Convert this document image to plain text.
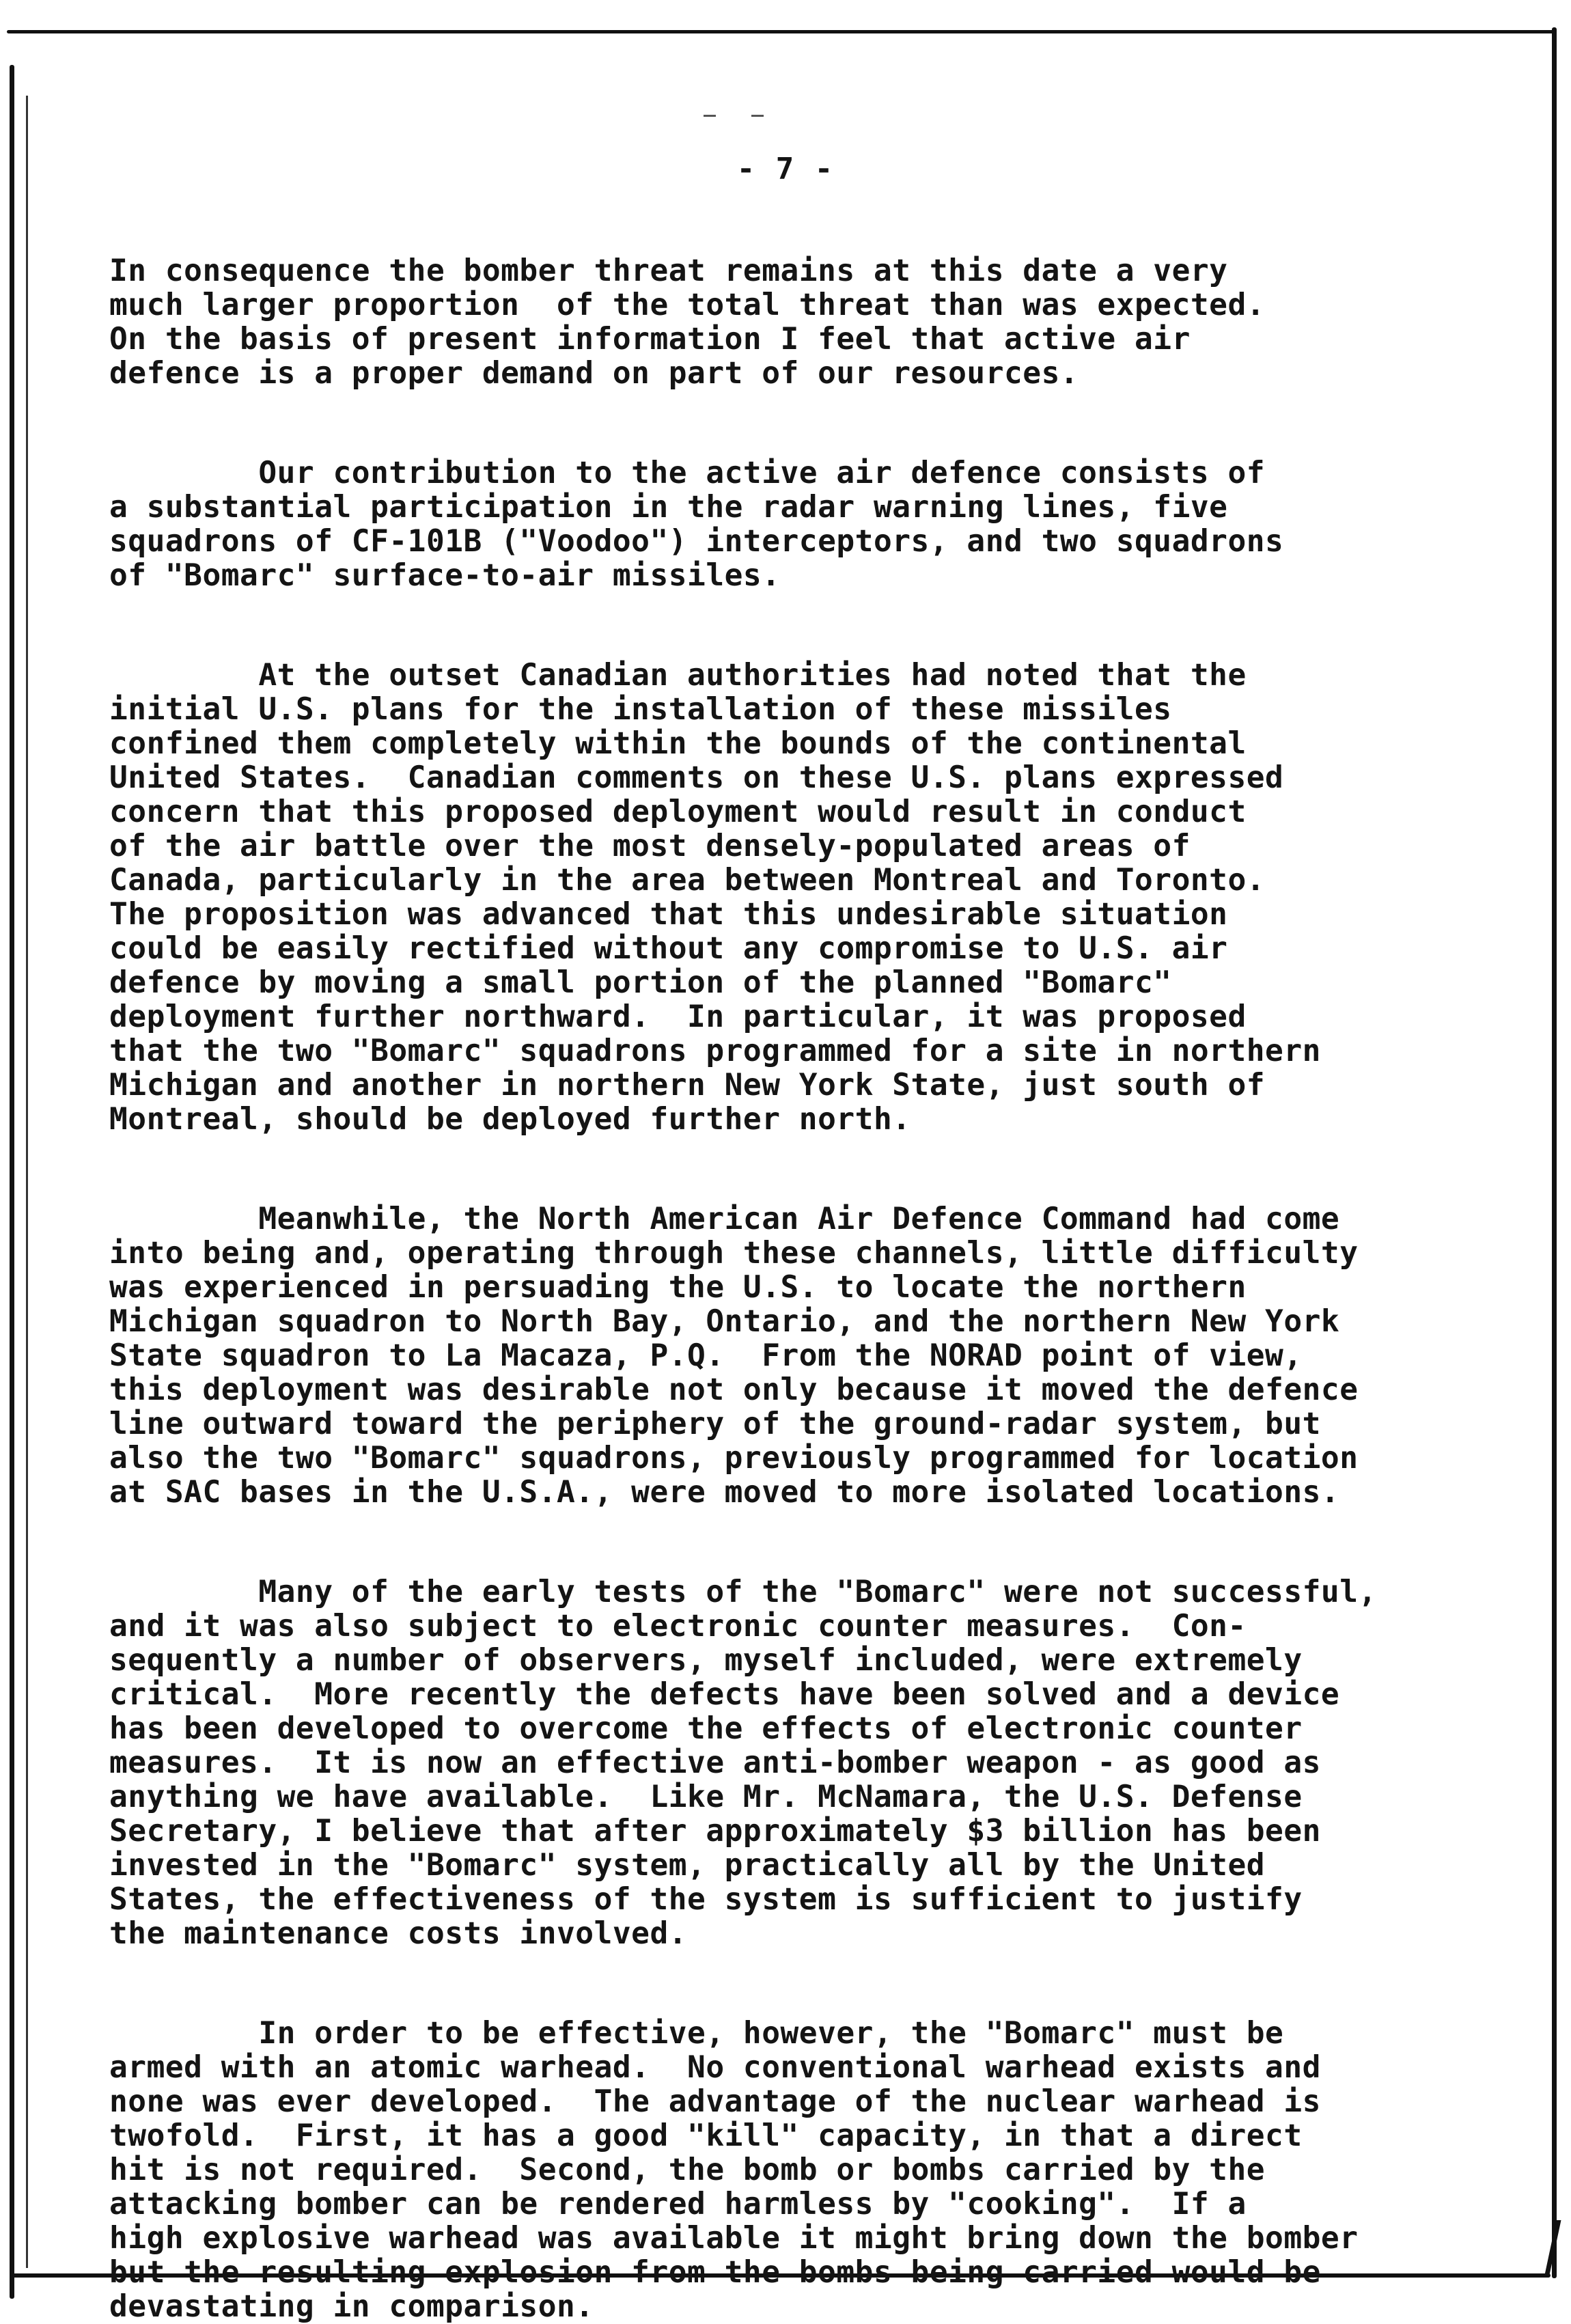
- 7 -

In consequence the bomber threat remains at this date a very
much larger proportion  of the total threat than was expected.
On the basis of present information I feel that active air
defence is a proper demand on part of our resources.

Our contribution to the active air defence consists of
a substantial participation in the radar warning lines, five
squadrons of CF-101B ("Voodoo") interceptors, and two squadrons
of "Bomarc" surface-to-air missiles.

At the outset Canadian authorities had noted that the
initial U.S. plans for the installation of these missiles
confined them completely within the bounds of the continental
United States.  Canadian comments on these U.S. plans expressed
concern that this proposed deployment would result in conduct
of the air battle over the most densely-populated areas of
Canada, particularly in the area between Montreal and Toronto.
The proposition was advanced that this undesirable situation
could be easily rectified without any compromise to U.S. air
defence by moving a small portion of the planned "Bomarc"
deployment further northward.  In particular, it was proposed
that the two "Bomarc" squadrons programmed for a site in northern
Michigan and another in northern New York State, just south of
Montreal, should be deployed further north.

Meanwhile, the North American Air Defence Command had come
into being and, operating through these channels, little difficulty
was experienced in persuading the U.S. to locate the northern
Michigan squadron to North Bay, Ontario, and the northern New York
State squadron to La Macaza, P.Q.  From the NORAD point of view,
this deployment was desirable not only because it moved the defence
line outward toward the periphery of the ground-radar system, but
also the two "Bomarc" squadrons, previously programmed for location
at SAC bases in the U.S.A., were moved to more isolated locations.

Many of the early tests of the "Bomarc" were not successful,
and it was also subject to electronic counter measures.  Con-
sequently a number of observers, myself included, were extremely
critical.  More recently the defects have been solved and a device
has been developed to overcome the effects of electronic counter
measures.  It is now an effective anti-bomber weapon - as good as
anything we have available.  Like Mr. McNamara, the U.S. Defense
Secretary, I believe that after approximately $3 billion has been
invested in the "Bomarc" system, practically all by the United
States, the effectiveness of the system is sufficient to justify
the maintenance costs involved.

In order to be effective, however, the "Bomarc" must be
armed with an atomic warhead.  No conventional warhead exists and
none was ever developed.  The advantage of the nuclear warhead is
twofold.  First, it has a good "kill" capacity, in that a direct
hit is not required.  Second, the bomb or bombs carried by the
attacking bomber can be rendered harmless by "cooking".  If a
high explosive warhead was available it might bring down the bomber
but the resulting explosion from the bombs being carried would be
devastating in comparison.
